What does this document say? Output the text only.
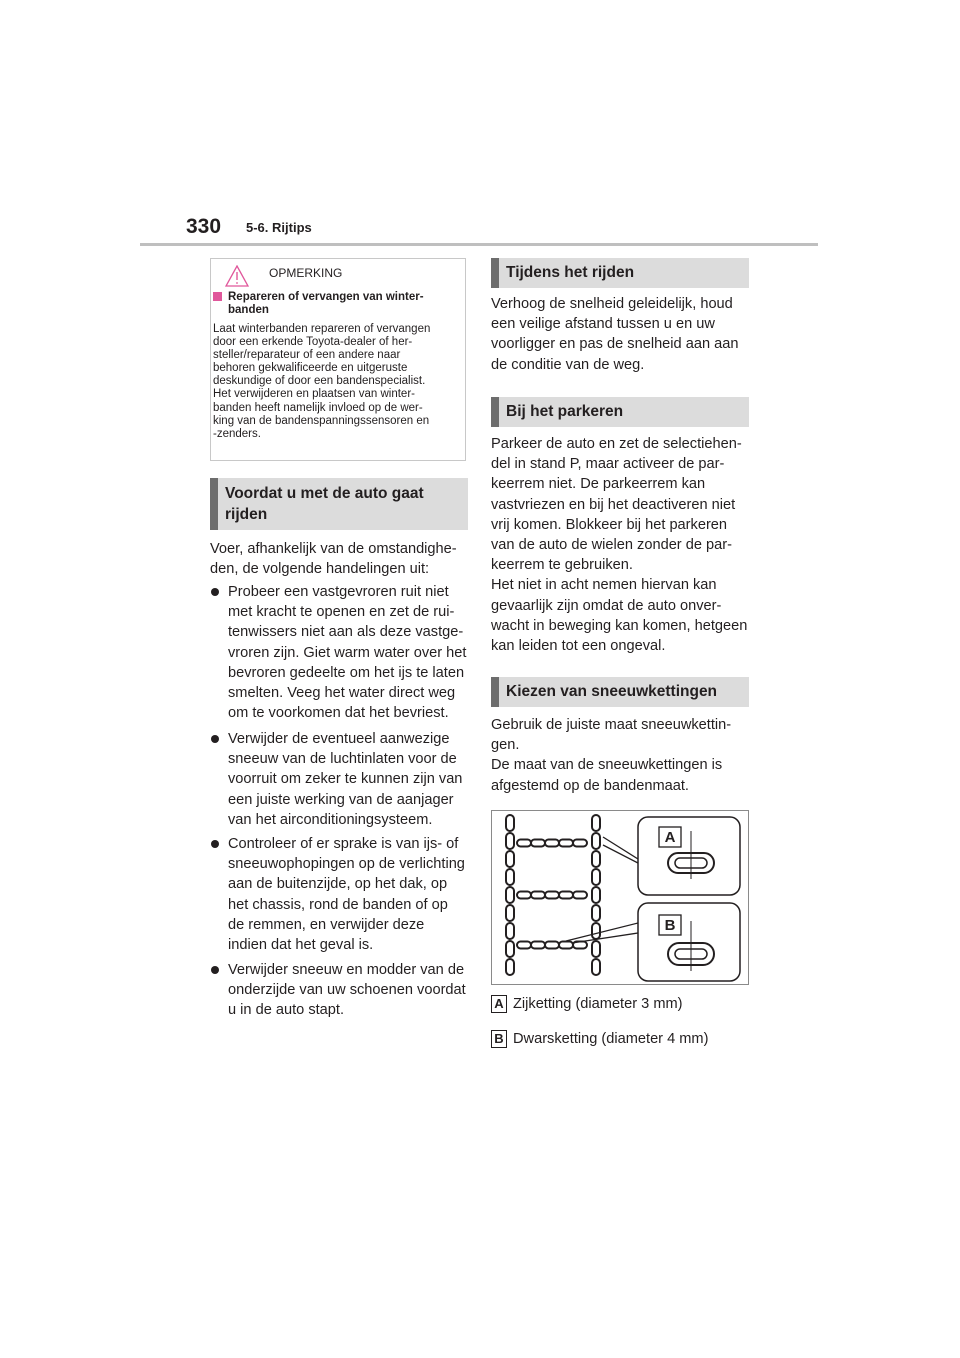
330 5-6. Rijtips
OPMERKING
Repareren of vervangen van winter-
banden
Laat winterbanden repareren of vervangen
door een erkende Toyota-dealer of her-
steller/reparateur of een andere naar
behoren gekwalificeerde en uitgeruste
deskundige of door een bandenspecialist.
Het verwijderen en plaatsen van winter-
banden heeft namelijk invloed op de wer-
king van de bandenspanningssensoren en
-zenders.
Voordat u met de auto gaat
rijden
Voer, afhankelijk van de omstandighe-
den, de volgende handelingen uit:

Probeer een vastgevroren ruit niet
met kracht te openen en zet de rui-
tenwissers niet aan als deze vastge-
vroren zijn. Giet warm water over het
bevroren gedeelte om het ijs te laten
smelten. Veeg het water direct weg
om te voorkomen dat het bevriest.

Verwijder de eventueel aanwezige
sneeuw van de luchtinlaten voor de
voorruit om zeker te kunnen zijn van
een juiste werking van de aanjager
van het airconditioningsysteem.

Controleer of er sprake is van ijs- of
sneeuwophopingen op de verlichting
aan de buitenzijde, op het dak, op
het chassis, rond de banden of op
de remmen, en verwijder deze
indien dat het geval is.

Verwijder sneeuw en modder van de
onderzijde van uw schoenen voordat
u in de auto stapt.

Tijdens het rijden
Verhoog de snelheid geleidelijk, houd
een veilige afstand tussen u en uw
voorligger en pas de snelheid aan aan
de conditie van de weg.
Bij het parkeren
Parkeer de auto en zet de selectiehen-
del in stand P, maar activeer de par-
keerrem niet. De parkeerrem kan
vastvriezen en bij het deactiveren niet
vrij komen. Blokkeer bij het parkeren
van de auto de wielen zonder de par-
keerrem te gebruiken.
Het niet in acht nemen hiervan kan
gevaarlijk zijn omdat de auto onver-
wacht in beweging kan komen, hetgeen
kan leiden tot een ongeval.
Kiezen van sneeuwkettingen
Gebruik de juiste maat sneeuwkettin-
gen.
De maat van de sneeuwkettingen is
afgestemd op de bandenmaat.
A
B
A Zijketting (diameter 3 mm)
B Dwarsketting (diameter 4 mm)
